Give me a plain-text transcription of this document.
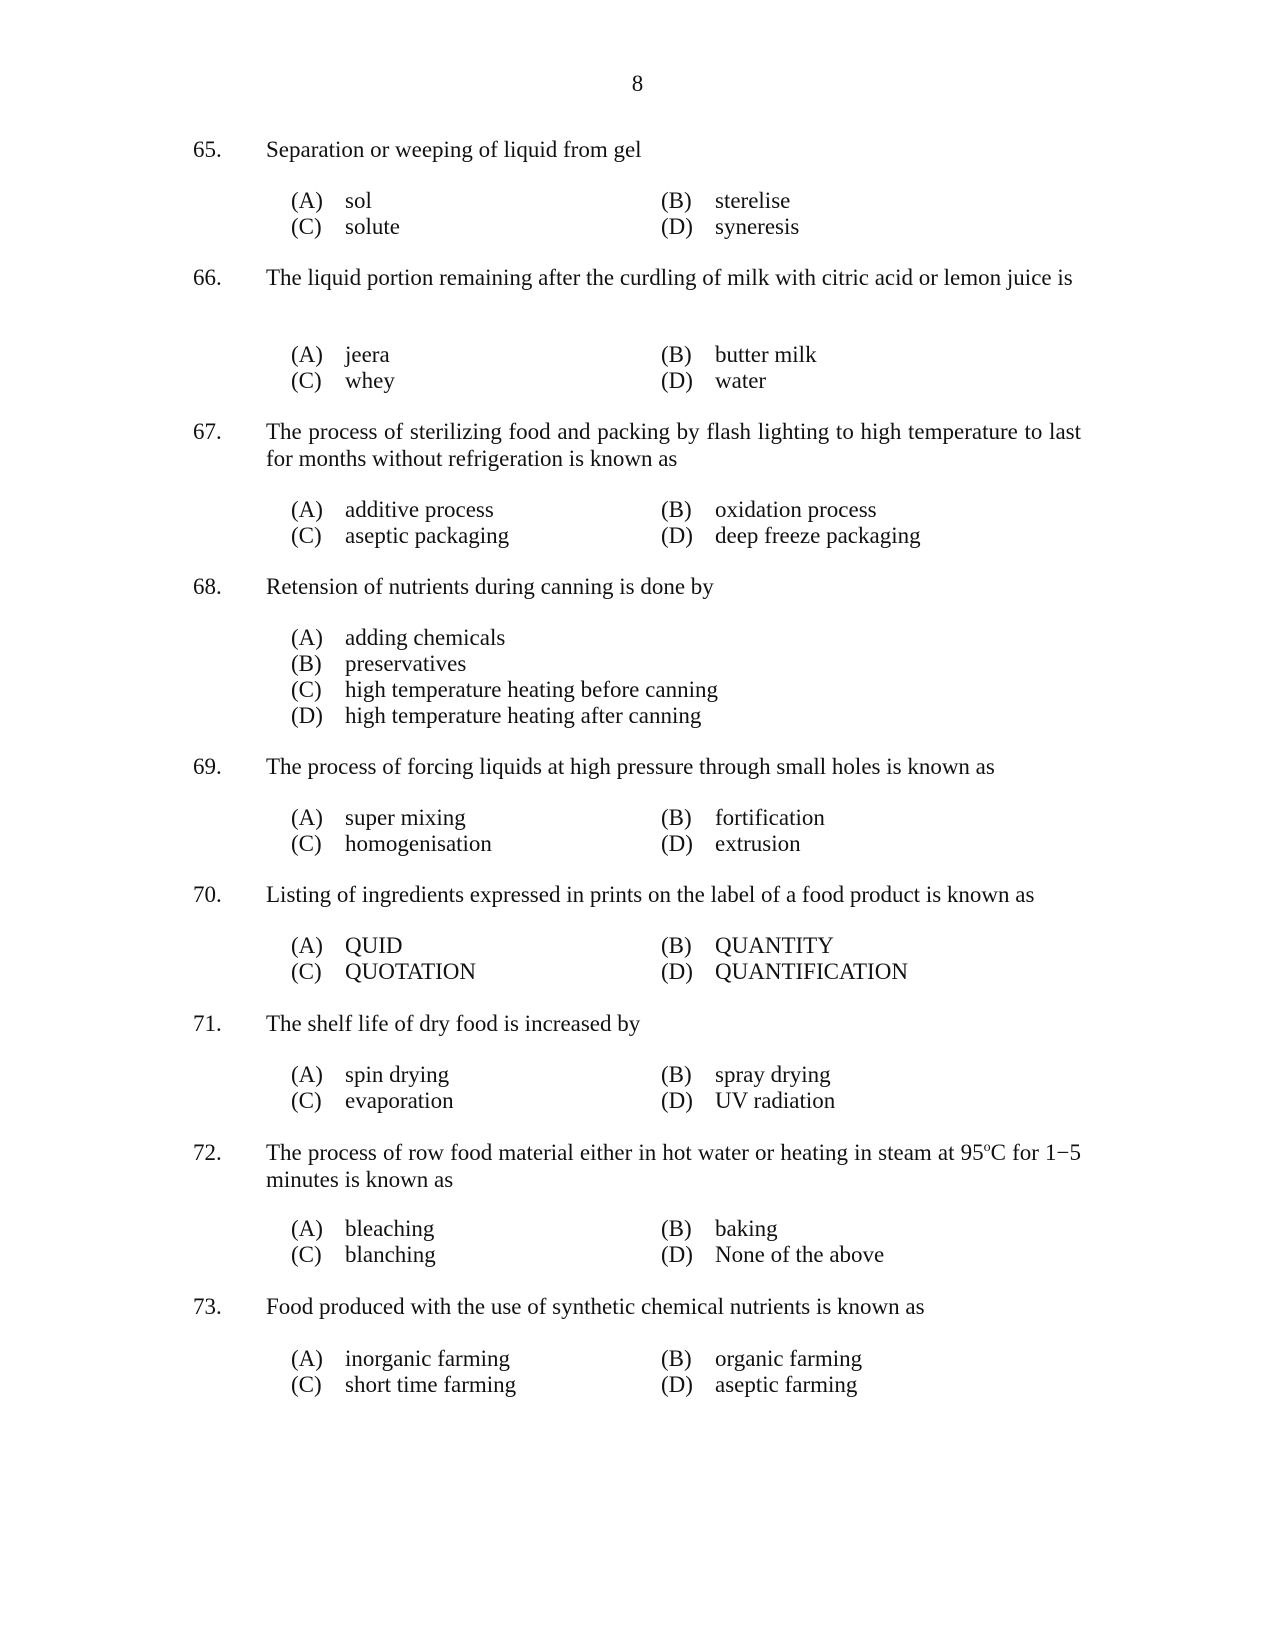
8
65. Separation or weeping of liquid from gel
(A) sol	(B) sterelise
(C) solute	(D) syneresis
66. The liquid portion remaining after the curdling of milk with citric acid or lemon juice is
(A) jeera	(B) butter milk
(C) whey	(D) water
67. The process of sterilizing food and packing by flash lighting to high temperature to last for months without refrigeration is known as
(A) additive process	(B) oxidation process
(C) aseptic packaging	(D) deep freeze packaging
68. Retension of nutrients during canning is done by
(A) adding chemicals
(B) preservatives
(C) high temperature heating before canning
(D) high temperature heating after canning
69. The process of forcing liquids at high pressure through small holes is known as
(A) super mixing	(B) fortification
(C) homogenisation	(D) extrusion
70. Listing of ingredients expressed in prints on the label of a food product is known as
(A) QUID	(B) QUANTITY
(C) QUOTATION	(D) QUANTIFICATION
71. The shelf life of dry food is increased by
(A) spin drying	(B) spray drying
(C) evaporation	(D) UV radiation
72. The process of row food material either in hot water or heating in steam at 95$^o$C for 1−5 minutes is known as
(A) bleaching	(B) baking
(C) blanching	(D) None of the above
73. Food produced with the use of synthetic chemical nutrients is known as
(A) inorganic farming	(B) organic farming
(C) short time farming	(D) aseptic farming
